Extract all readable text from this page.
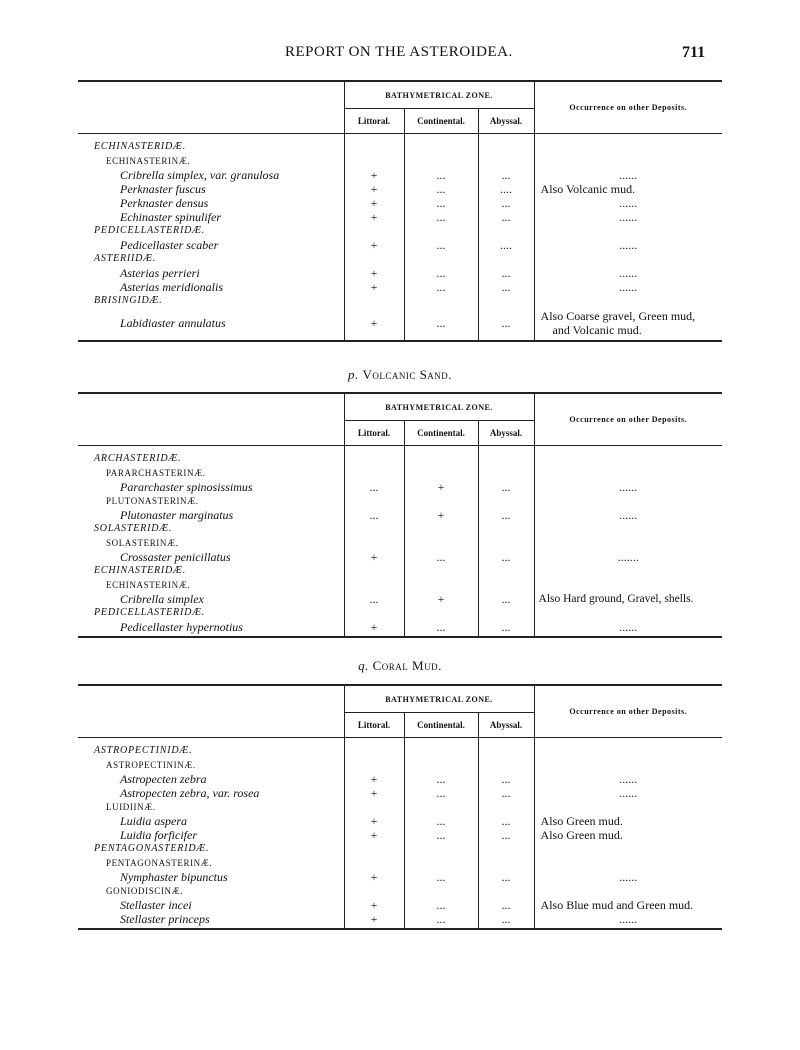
REPORT ON THE ASTEROIDEA.	711
	BATHYMETRICAL ZONE.			Occurrence on other Deposits.
	Littoral.	Continental.	Abyssal.	

ECHINASTERIDÆ.				
ECHINASTERINÆ.				
Cribrella simplex, var. granulosa	+	...	...	......
Perknaster fuscus	+	...	....	Also Volcanic mud.
Perknaster densus	+	...	...	......
Echinaster spinulifer	+	...	...	......
PEDICELLASTERIDÆ.				
Pedicellaster scaber	+	...	....	......
ASTERIIDÆ.				
Asterias perrieri	+	...	...	......
Asterias meridionalis	+	...	...	......
BRISINGIDÆ.				
Labidiaster annulatus	+	...	...	Also Coarse gravel, Green mud,
and Volcanic mud.
p. Volcanic Sand.
	BATHYMETRICAL ZONE.			Occurrence on other Deposits.
	Littoral.	Continental.	Abyssal.	

ARCHASTERIDÆ.				
PARARCHASTERINÆ.				
Pararchaster spinosissimus	...	+	...	......
PLUTONASTERINÆ.				
Plutonaster marginatus	...	+	...	......
SOLASTERIDÆ.				
SOLASTERINÆ.				
Crossaster penicillatus	+	...	...	.......
ECHINASTERIDÆ.				
ECHINASTERINÆ.				
Cribrella simplex	...	+	...	Also Hard ground, Gravel, shells.
PEDICELLASTERIDÆ.				
Pedicellaster hypernotius	+	...	...	......
q. Coral Mud.
	BATHYMETRICAL ZONE.			Occurrence on other Deposits.
	Littoral.	Continental.	Abyssal.	

ASTROPECTINIDÆ.				
ASTROPECTININÆ.				
Astropecten zebra	+	...	...	......
Astropecten zebra, var. rosea	+	...	...	......
LUIDIINÆ.				
Luidia aspera	+	...	...	Also Green mud.
Luidia forficifer	+	...	...	Also Green mud.
PENTAGONASTERIDÆ.				
PENTAGONASTERINÆ.				
Nymphaster bipunctus	+	...	...	......
GONIODISCINÆ.				
Stellaster incei	+	...	...	Also Blue mud and Green mud.
Stellaster princeps	+	...	...	......
